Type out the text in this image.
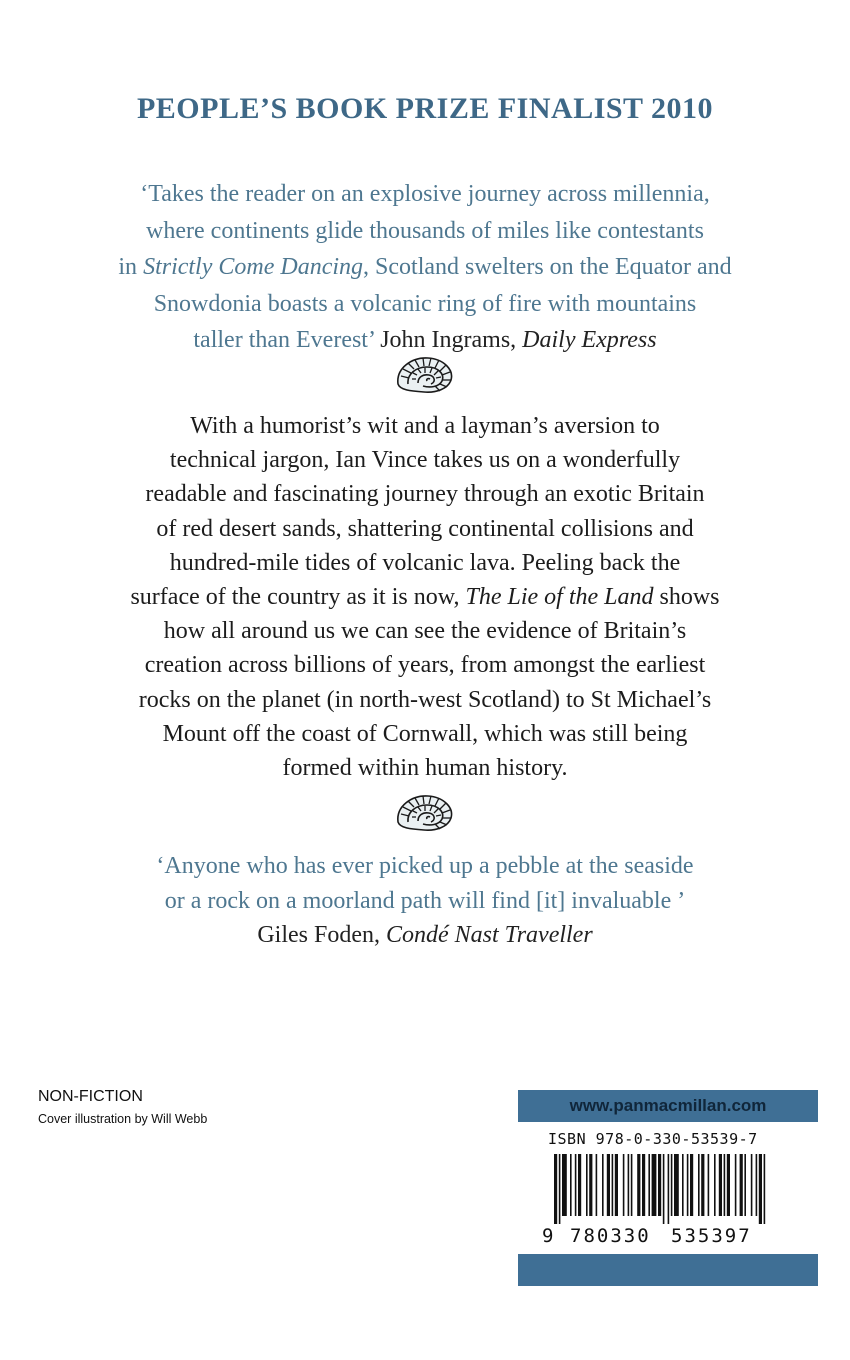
PEOPLE’S BOOK PRIZE FINALIST 2010
‘Takes the reader on an explosive journey across millennia,
where continents glide thousands of miles like contestants
in Strictly Come Dancing, Scotland swelters on the Equator and
Snowdonia boasts a volcanic ring of fire with mountains
taller than Everest’ John Ingrams, Daily Express
With a humorist’s wit and a layman’s aversion to
technical jargon, Ian Vince takes us on a wonderfully
readable and fascinating journey through an exotic Britain
of red desert sands, shattering continental collisions and
hundred-mile tides of volcanic lava. Peeling back the
surface of the country as it is now, The Lie of the Land shows
how all around us we can see the evidence of Britain’s
creation across billions of years, from amongst the earliest
rocks on the planet (in north-west Scotland) to St Michael’s
Mount off the coast of Cornwall, which was still being
formed within human history.
‘Anyone who has ever picked up a pebble at the seaside
or a rock on a moorland path will find [it] invaluable ’
Giles Foden, Condé Nast Traveller
NON-FICTION
Cover illustration by Will Webb
www.panmacmillan.com
ISBN 978-0-330-53539-7
9 780330 535397
